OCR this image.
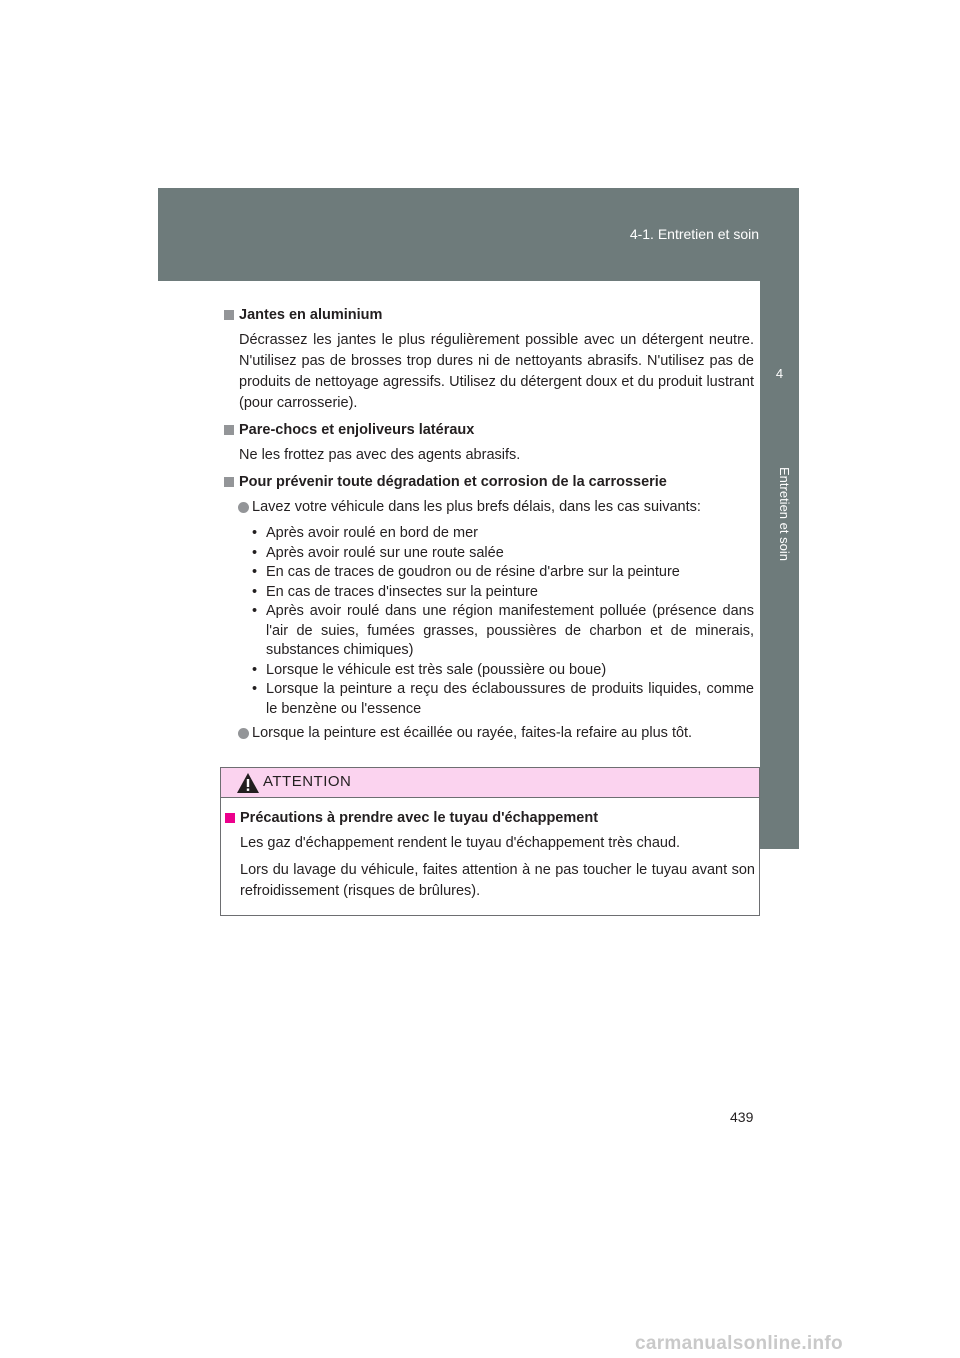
4-1. Entretien et soin
4
Entretien et soin

Jantes en aluminium

Décrassez les jantes le plus régulièrement possible avec un détergent neutre. N'utilisez pas de brosses trop dures ni de nettoyants abrasifs. N'utilisez pas de produits de nettoyage agressifs. Utilisez du détergent doux et du produit lustrant (pour carrosserie).

Pare-chocs et enjoliveurs latéraux

Ne les frottez pas avec des agents abrasifs.

Pour prévenir toute dégradation et corrosion de la carrosserie

Lavez votre véhicule dans les plus brefs délais, dans les cas suivants:
• Après avoir roulé en bord de mer
• Après avoir roulé sur une route salée
• En cas de traces de goudron ou de résine d'arbre sur la peinture
• En cas de traces d'insectes sur la peinture
• Après avoir roulé dans une région manifestement polluée (présence dans l'air de suies, fumées grasses, poussières de charbon et de minerais, substances chimiques)
• Lorsque le véhicule est très sale (poussière ou boue)
• Lorsque la peinture a reçu des éclaboussures de produits liquides, comme le benzène ou l'essence
Lorsque la peinture est écaillée ou rayée, faites-la refaire au plus tôt.
ATTENTION

Précautions à prendre avec le tuyau d'échappement

Les gaz d'échappement rendent le tuyau d'échappement très chaud.

Lors du lavage du véhicule, faites attention à ne pas toucher le tuyau avant son refroidissement (risques de brûlures).

439
carmanualsonline.info
